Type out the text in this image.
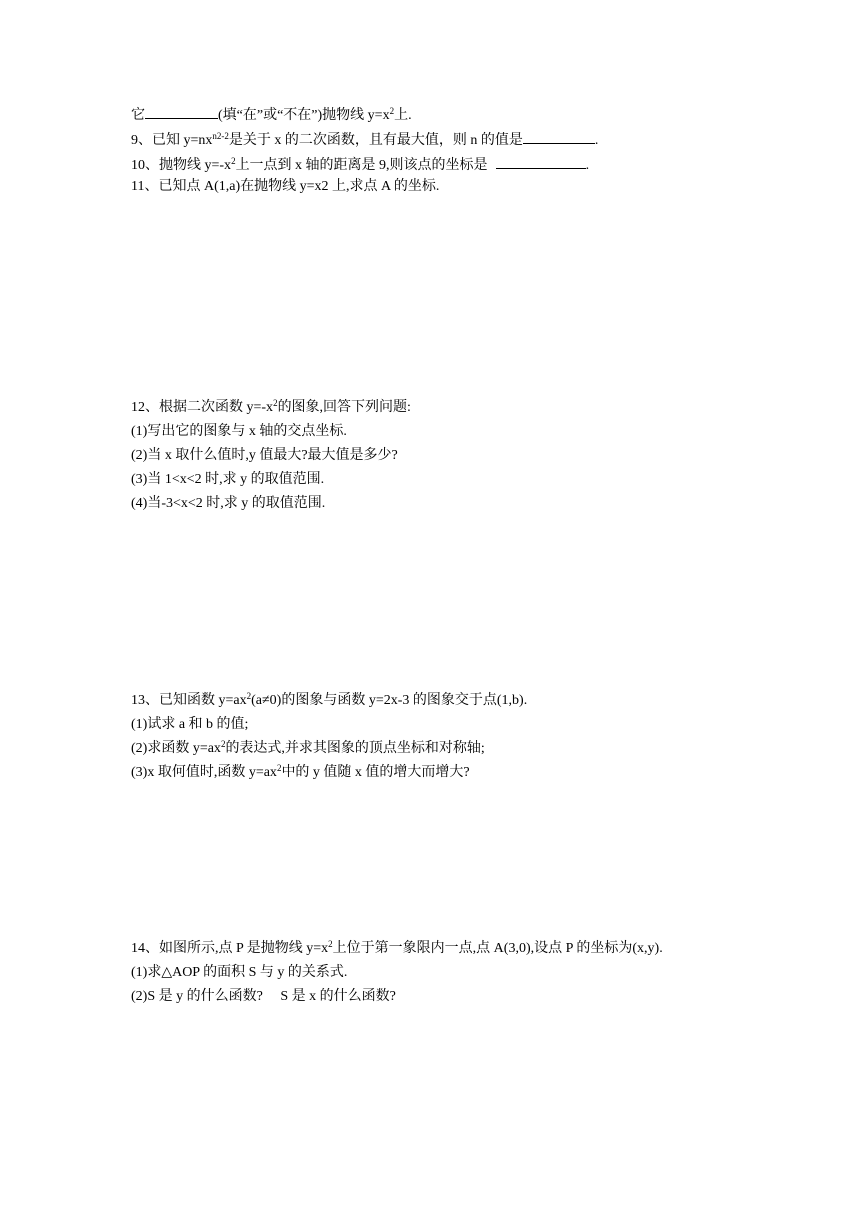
它	(填“在”或“不在”)抛物线 $y=x^2$上.
9、已知 $y=nx^{n2-2}$是关于 x 的二次函数，且有最大值，则 n 的值是	.
10、抛物线 $y=-x^2$上一点到 x 轴的距离是 9,则该点的坐标是	.
11、已知点 A(1,a)在抛物线 y=x2 上,求点 A 的坐标.
12、根据二次函数 $y=-x^2$的图象,回答下列问题:
(1)写出它的图象与 x 轴的交点坐标.
(2)当 x 取什么值时,y 值最大?最大值是多少?
(3)当 1<x<2 时,求 y 的取值范围.
(4)当-3<x<2 时,求 y 的取值范围.
13、已知函数 $y=ax^2(a\ne 0)$的图象与函数 y=2x-3 的图象交于点(1,b).
(1)试求 a 和 b 的值;
(2)求函数 $y=ax^2$的表达式,并求其图象的顶点坐标和对称轴;
(3)x 取何值时,函数 $y=ax^2$中的 y 值随 x 值的增大而增大?
14、如图所示,点 P 是抛物线 $y=x^2$上位于第一象限内一点,点 A(3,0),设点 P 的坐标为(x,y).
(1)求△AOP 的面积 S 与 y 的关系式.
(2)S 是 y 的什么函数?     S 是 x 的什么函数?
